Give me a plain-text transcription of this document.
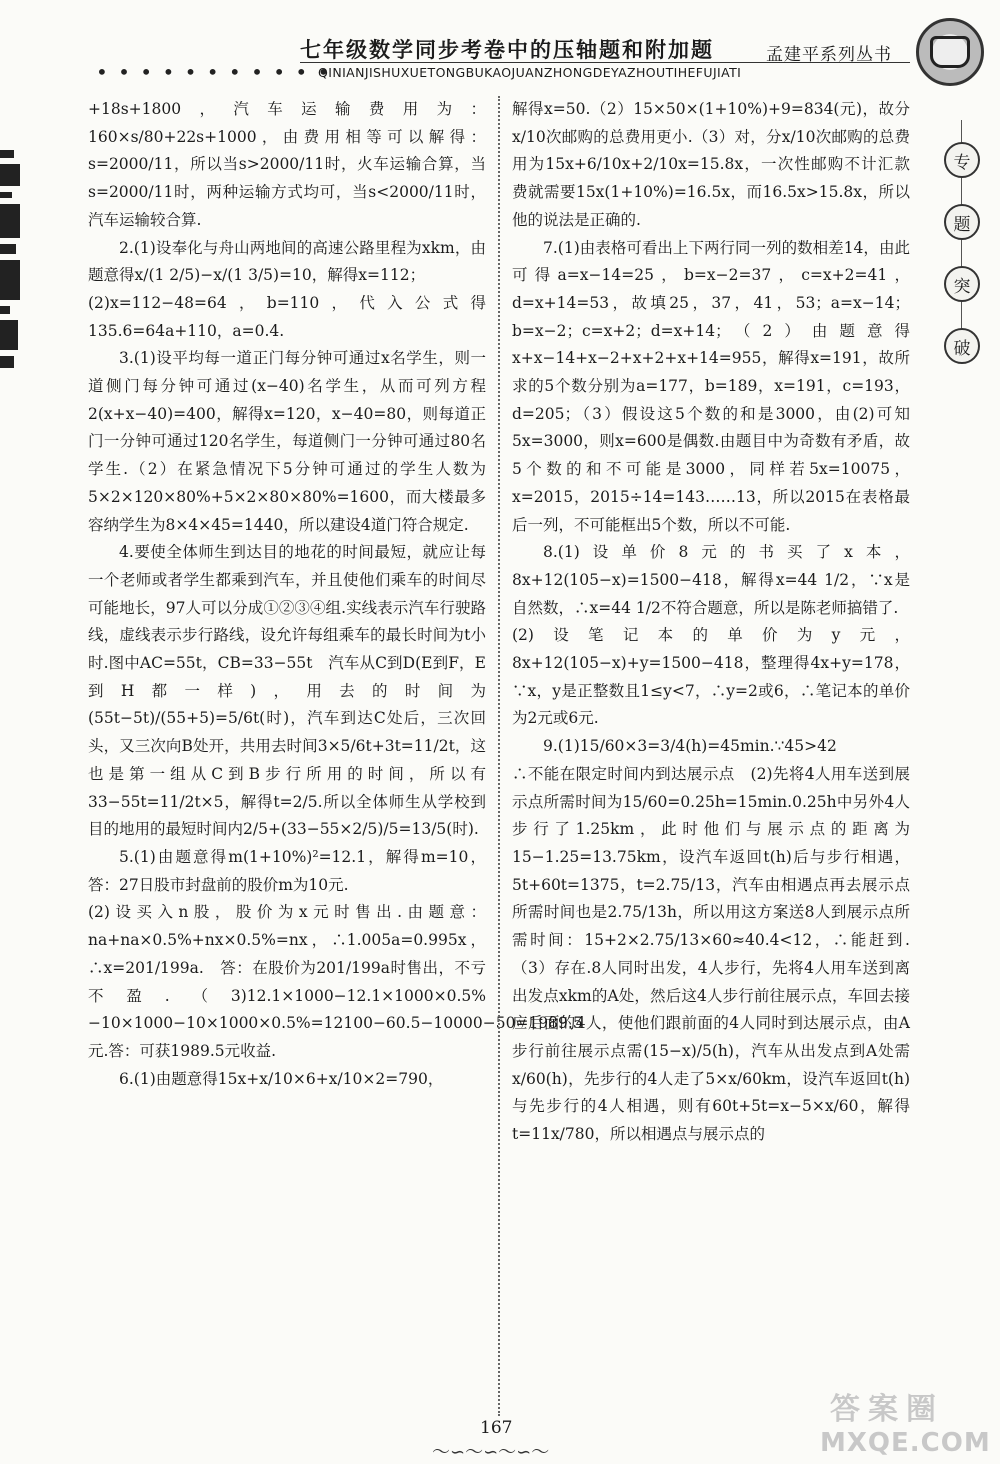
• • • • • • • • • • •
七年级数学同步考卷中的压轴题和附加题	孟建平系列丛书
QINIANJISHUXUETONGBUKAOJUANZHONGDEYAZHOUTIHEFUJIATI
专
题
突
破

+18s+1800，汽车运输费用为：160×s/80+22s+1000，由费用相等可以解得：s=2000/11，所以当s>2000/11时，火车运输合算，当s=2000/11时，两种运输方式均可，当s<2000/11时，汽车运输较合算.

2.(1)设奉化与舟山两地间的高速公路里程为xkm，由题意得x/(1 2/5)−x/(1 3/5)=10，解得x=112；

(2)x=112−48=64，b=110，代入公式得135.6=64a+110，a=0.4.

3.(1)设平均每一道正门每分钟可通过x名学生，则一道侧门每分钟可通过(x−40)名学生，从而可列方程2(x+x−40)=400，解得x=120，x−40=80，则每道正门一分钟可通过120名学生，每道侧门一分钟可通过80名学生.（2）在紧急情况下5分钟可通过的学生人数为5×2×120×80%+5×2×80×80%=1600，而大楼最多容纳学生为8×4×45=1440，所以建设4道门符合规定.

4.要使全体师生到达目的地花的时间最短，就应让每一个老师或者学生都乘到汽车，并且使他们乘车的时间尽可能地长，97人可以分成①②③④组.实线表示汽车行驶路线，虚线表示步行路线，设允许每组乘车的最长时间为t小时.图中AC=55t，CB=33−55t　汽车从C到D(E到F，E到H都一样)，用去的时间为(55t−5t)/(55+5)=5/6t(时)，汽车到达C处后，三次回头，又三次向B处开，共用去时间3×5/6t+3t=11/2t，这也是第一组从C到B步行所用的时间，所以有33−55t=11/2t×5，解得t=2/5.所以全体师生从学校到目的地用的最短时间内2/5+(33−55×2/5)/5=13/5(时).

5.(1)由题意得m(1+10%)²=12.1，解得m=10，答：27日股市封盘前的股价m为10元.

(2)设买入n股，股价为x元时售出.由题意：na+na×0.5%+nx×0.5%=nx，∴1.005a=0.995x，∴x=201/199a.　答：在股价为201/199a时售出，不亏不盈.（3)12.1×1000−12.1×1000×0.5%−10×1000−10×1000×0.5%=12100−60.5−10000−50=1989.5元.答：可获1989.5元收益.

6.(1)由题意得15x+x/10×6+x/10×2=790，

解得x=50.（2）15×50×(1+10%)+9=834(元)，故分x/10次邮购的总费用更小.（3）对，分x/10次邮购的总费用为15x+6/10x+2/10x=15.8x，一次性邮购不计汇款费就需要15x(1+10%)=16.5x，而16.5x>15.8x，所以他的说法是正确的.

7.(1)由表格可看出上下两行同一列的数相差14，由此可得a=x−14=25，b=x−2=37，c=x+2=41，d=x+14=53，故填25，37，41，53；a=x−14；b=x−2；c=x+2；d=x+14；（2）由题意得x+x−14+x−2+x+2+x+14=955，解得x=191，故所求的5个数分别为a=177，b=189，x=191，c=193，d=205；（3）假设这5个数的和是3000，由(2)可知5x=3000，则x=600是偶数.由题目中为奇数有矛盾，故5个数的和不可能是3000，同样若5x=10075，x=2015，2015÷14=143……13，所以2015在表格最后一列，不可能框出5个数，所以不可能.

8.(1)设单价8元的书买了x本，8x+12(105−x)=1500−418，解得x=44 1/2，∵x是自然数，∴x=44 1/2不符合题意，所以是陈老师搞错了.

(2)设笔记本的单价为y元，8x+12(105−x)+y=1500−418，整理得4x+y=178，∵x，y是正整数且1≤y<7，∴y=2或6，∴笔记本的单价为2元或6元.

9.(1)15/60×3=3/4(h)=45min.∵45>42

∴不能在限定时间内到达展示点　(2)先将4人用车送到展示点所需时间为15/60=0.25h=15min.0.25h中另外4人步行了1.25km，此时他们与展示点的距离为15−1.25=13.75km，设汽车返回t(h)后与步行相遇，5t+60t=1375，t=2.75/13，汽车由相遇点再去展示点所需时间也是2.75/13h，所以用这方案送8人到展示点所需时间：15+2×2.75/13×60≈40.4<12，∴能赶到.（3）存在.8人同时出发，4人步行，先将4人用车送到离出发点xkm的A处，然后这4人步行前往展示点，车回去接应后面的4人，使他们跟前面的4人同时到达展示点，由A步行前往展示点需(15−x)/5(h)，汽车从出发点到A处需x/60(h)，先步行的4人走了5×x/60km，设汽车返回t(h)与先步行的4人相遇，则有60t+5t=x−5×x/60，解得t=11x/780，所以相遇点与展示点的

167
〜∽〜∽〜∽〜
答案圈
MXQE.COM
